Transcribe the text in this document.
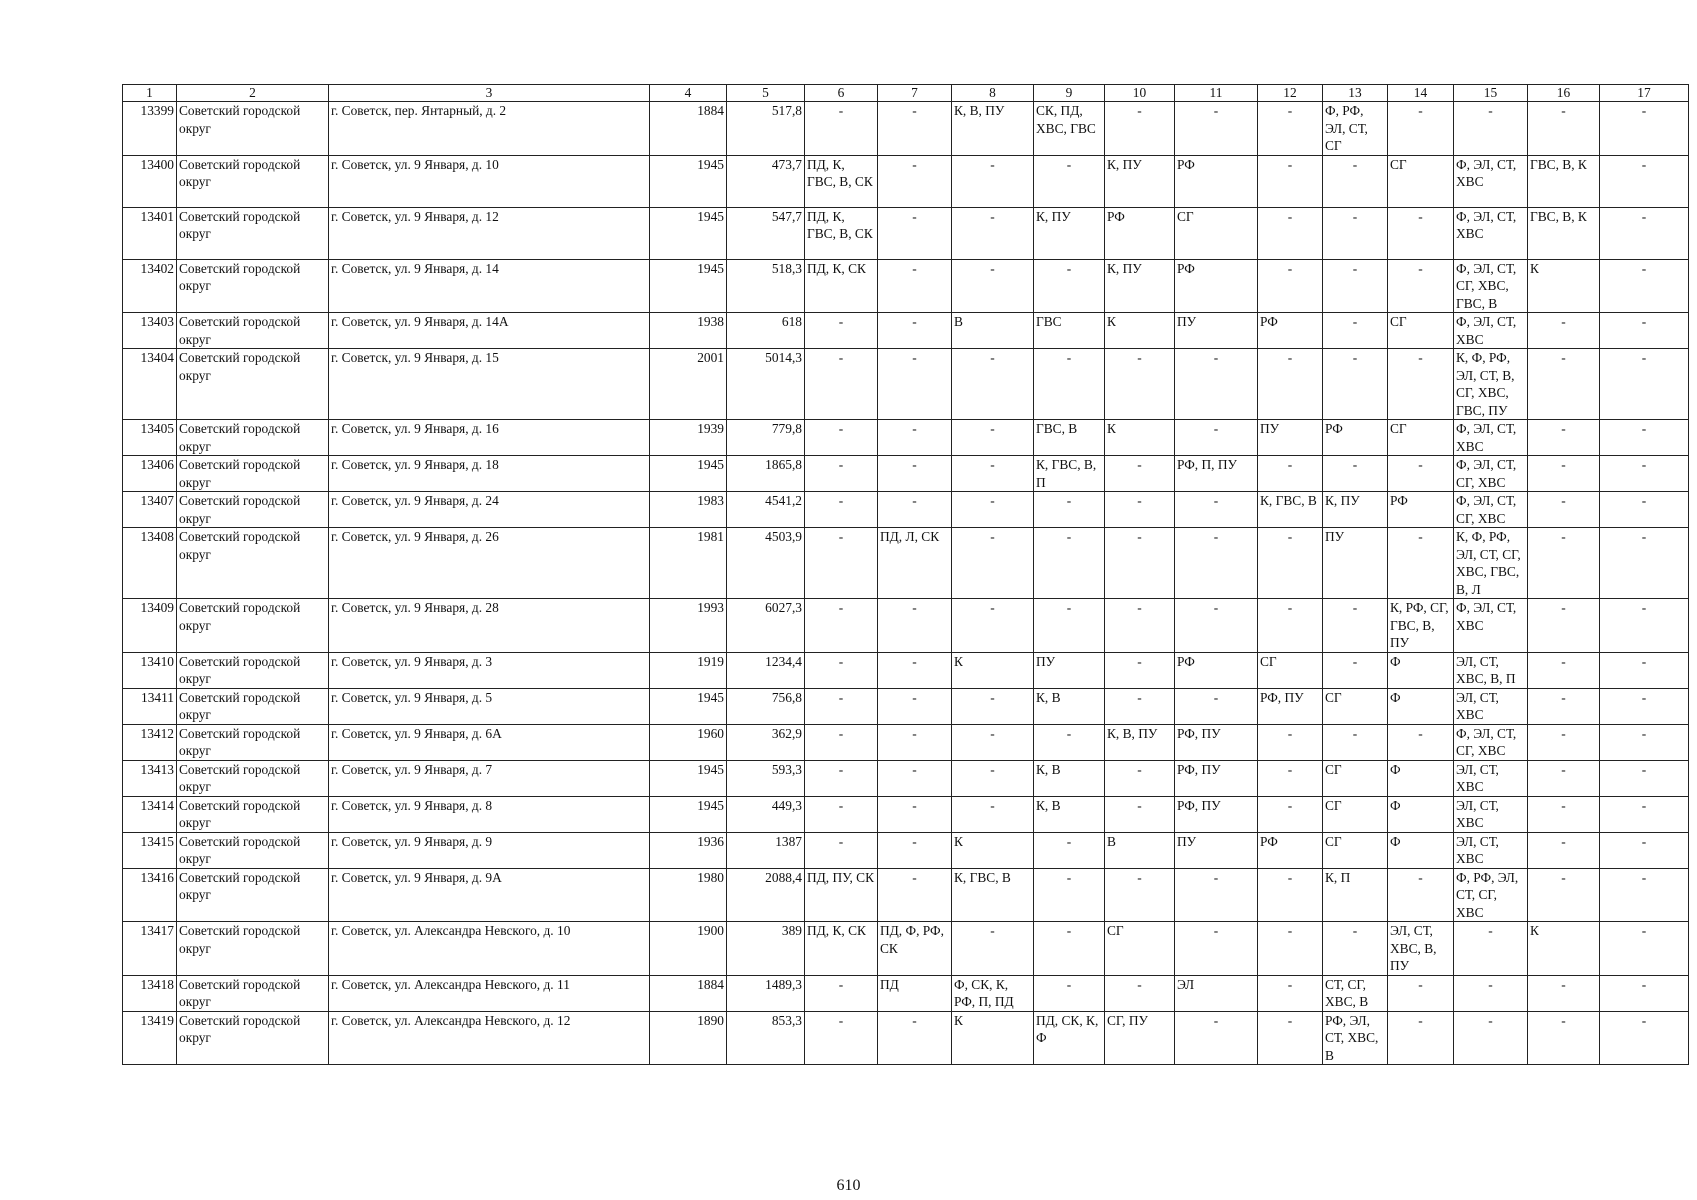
1	2	3	4	5	6	7	8	9	10	11	12	13	14	15	16	17
13399	Советский городской округ	г. Советск, пер. Янтарный, д. 2	1884	517,8	-	-	К, В, ПУ	СК, ПД, ХВС, ГВС	-	-	-	Ф, РФ, ЭЛ, СТ, СГ	-	-	-	-
13400	Советский городской округ	г. Советск, ул. 9 Января, д. 10	1945	473,7	ПД, К, ГВС, В, СК	-	-	-	К, ПУ	РФ	-	-	СГ	Ф, ЭЛ, СТ, ХВС	ГВС, В, К	-
13401	Советский городской округ	г. Советск, ул. 9 Января, д. 12	1945	547,7	ПД, К, ГВС, В, СК	-	-	К, ПУ	РФ	СГ	-	-	-	Ф, ЭЛ, СТ, ХВС	ГВС, В, К	-
13402	Советский городской округ	г. Советск, ул. 9 Января, д. 14	1945	518,3	ПД, К, СК	-	-	-	К, ПУ	РФ	-	-	-	Ф, ЭЛ, СТ, СГ, ХВС, ГВС, В	К	-
13403	Советский городской округ	г. Советск, ул. 9 Января, д. 14А	1938	618	-	-	В	ГВС	К	ПУ	РФ	-	СГ	Ф, ЭЛ, СТ, ХВС	-	-
13404	Советский городской округ	г. Советск, ул. 9 Января, д. 15	2001	5014,3	-	-	-	-	-	-	-	-	-	К, Ф, РФ, ЭЛ, СТ, В, СГ, ХВС, ГВС, ПУ	-	-
13405	Советский городской округ	г. Советск, ул. 9 Января, д. 16	1939	779,8	-	-	-	ГВС, В	К	-	ПУ	РФ	СГ	Ф, ЭЛ, СТ, ХВС	-	-
13406	Советский городской округ	г. Советск, ул. 9 Января, д. 18	1945	1865,8	-	-	-	К, ГВС, В, П	-	РФ, П, ПУ	-	-	-	Ф, ЭЛ, СТ, СГ, ХВС	-	-
13407	Советский городской округ	г. Советск, ул. 9 Января, д. 24	1983	4541,2	-	-	-	-	-	-	К, ГВС, В	К, ПУ	РФ	Ф, ЭЛ, СТ, СГ, ХВС	-	-
13408	Советский городской округ	г. Советск, ул. 9 Января, д. 26	1981	4503,9	-	ПД, Л, СК	-	-	-	-	-	ПУ	-	К, Ф, РФ, ЭЛ, СТ, СГ, ХВС, ГВС, В, Л	-	-
13409	Советский городской округ	г. Советск, ул. 9 Января, д. 28	1993	6027,3	-	-	-	-	-	-	-	-	К, РФ, СГ, ГВС, В, ПУ	Ф, ЭЛ, СТ, ХВС	-	-
13410	Советский городской округ	г. Советск, ул. 9 Января, д. 3	1919	1234,4	-	-	К	ПУ	-	РФ	СГ	-	Ф	ЭЛ, СТ, ХВС, В, П	-	-
13411	Советский городской округ	г. Советск, ул. 9 Января, д. 5	1945	756,8	-	-	-	К, В	-	-	РФ, ПУ	СГ	Ф	ЭЛ, СТ, ХВС	-	-
13412	Советский городской округ	г. Советск, ул. 9 Января, д. 6А	1960	362,9	-	-	-	-	К, В, ПУ	РФ, ПУ	-	-	-	Ф, ЭЛ, СТ, СГ, ХВС	-	-
13413	Советский городской округ	г. Советск, ул. 9 Января, д. 7	1945	593,3	-	-	-	К, В	-	РФ, ПУ	-	СГ	Ф	ЭЛ, СТ, ХВС	-	-
13414	Советский городской округ	г. Советск, ул. 9 Января, д. 8	1945	449,3	-	-	-	К, В	-	РФ, ПУ	-	СГ	Ф	ЭЛ, СТ, ХВС	-	-
13415	Советский городской округ	г. Советск, ул. 9 Января, д. 9	1936	1387	-	-	К	-	В	ПУ	РФ	СГ	Ф	ЭЛ, СТ, ХВС	-	-
13416	Советский городской округ	г. Советск, ул. 9 Января, д. 9А	1980	2088,4	ПД, ПУ, СК	-	К, ГВС, В	-	-	-	-	К, П	-	Ф, РФ, ЭЛ, СТ, СГ, ХВС	-	-
13417	Советский городской округ	г. Советск, ул. Александра Невского, д. 10	1900	389	ПД, К, СК	ПД, Ф, РФ, СК	-	-	СГ	-	-	-	ЭЛ, СТ, ХВС, В, ПУ	-	К	-
13418	Советский городской округ	г. Советск, ул. Александра Невского, д. 11	1884	1489,3	-	ПД	Ф, СК, К, РФ, П, ПД	-	-	ЭЛ	-	СТ, СГ, ХВС, В	-	-	-	-
13419	Советский городской округ	г. Советск, ул. Александра Невского, д. 12	1890	853,3	-	-	К	ПД, СК, К, Ф	СГ, ПУ	-	-	РФ, ЭЛ, СТ, ХВС, В	-	-	-	-
610
